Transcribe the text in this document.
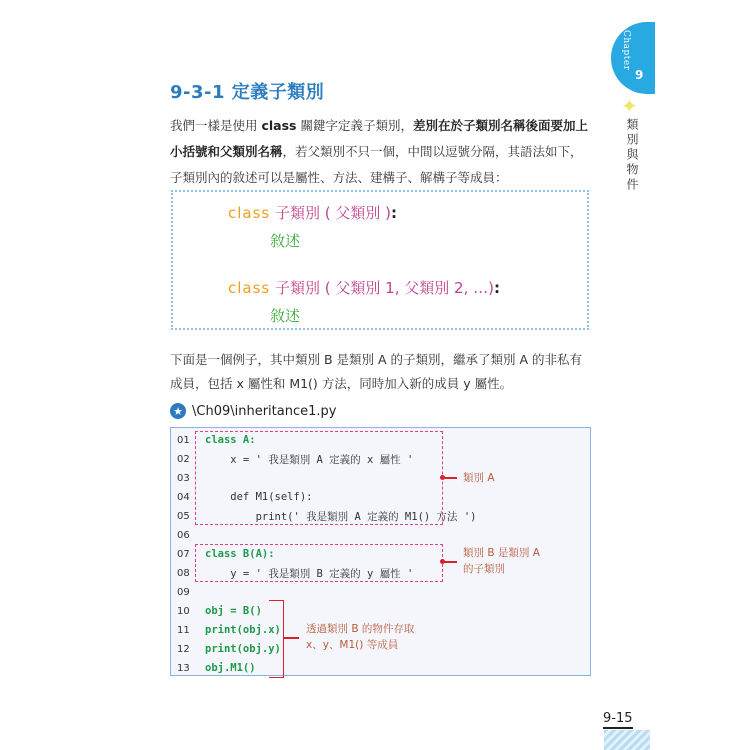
9-3-1 定義子類別
我們一樣是使用 class 關鍵字定義子類別，差別在於子類別名稱後面要加上
小括號和父類別名稱，若父類別不只一個，中間以逗號分隔，其語法如下，
子類別內的敘述可以是屬性、方法、建構子、解構子等成員：
class 子類別 ( 父類別 ):
敘述
class 子類別 ( 父類別 1, 父類別 2, …):
敘述
下面是一個例子，其中類別 B 是類別 A 的子類別，繼承了類別 A 的非私有
成員，包括 x 屬性和 M1() 方法，同時加入新的成員 y 屬性。
★ \Ch09\inheritance1.py
01	class A:
02	x = ' 我是類別 A 定義的 x 屬性 '
03
04	def M1(self):
05	print(' 我是類別 A 定義的 M1() 方法 ')
06
07	class B(A):
08	y = ' 我是類別 B 定義的 y 屬性 '
09
10	obj = B()
11	print(obj.x)
12	print(obj.y)
13	obj.M1()
類別 A
類別 B 是類別 A
的子類別
透過類別 B 的物件存取
x、y、M1() 等成員
Chapter
9
✦
類別與物件
9-15
